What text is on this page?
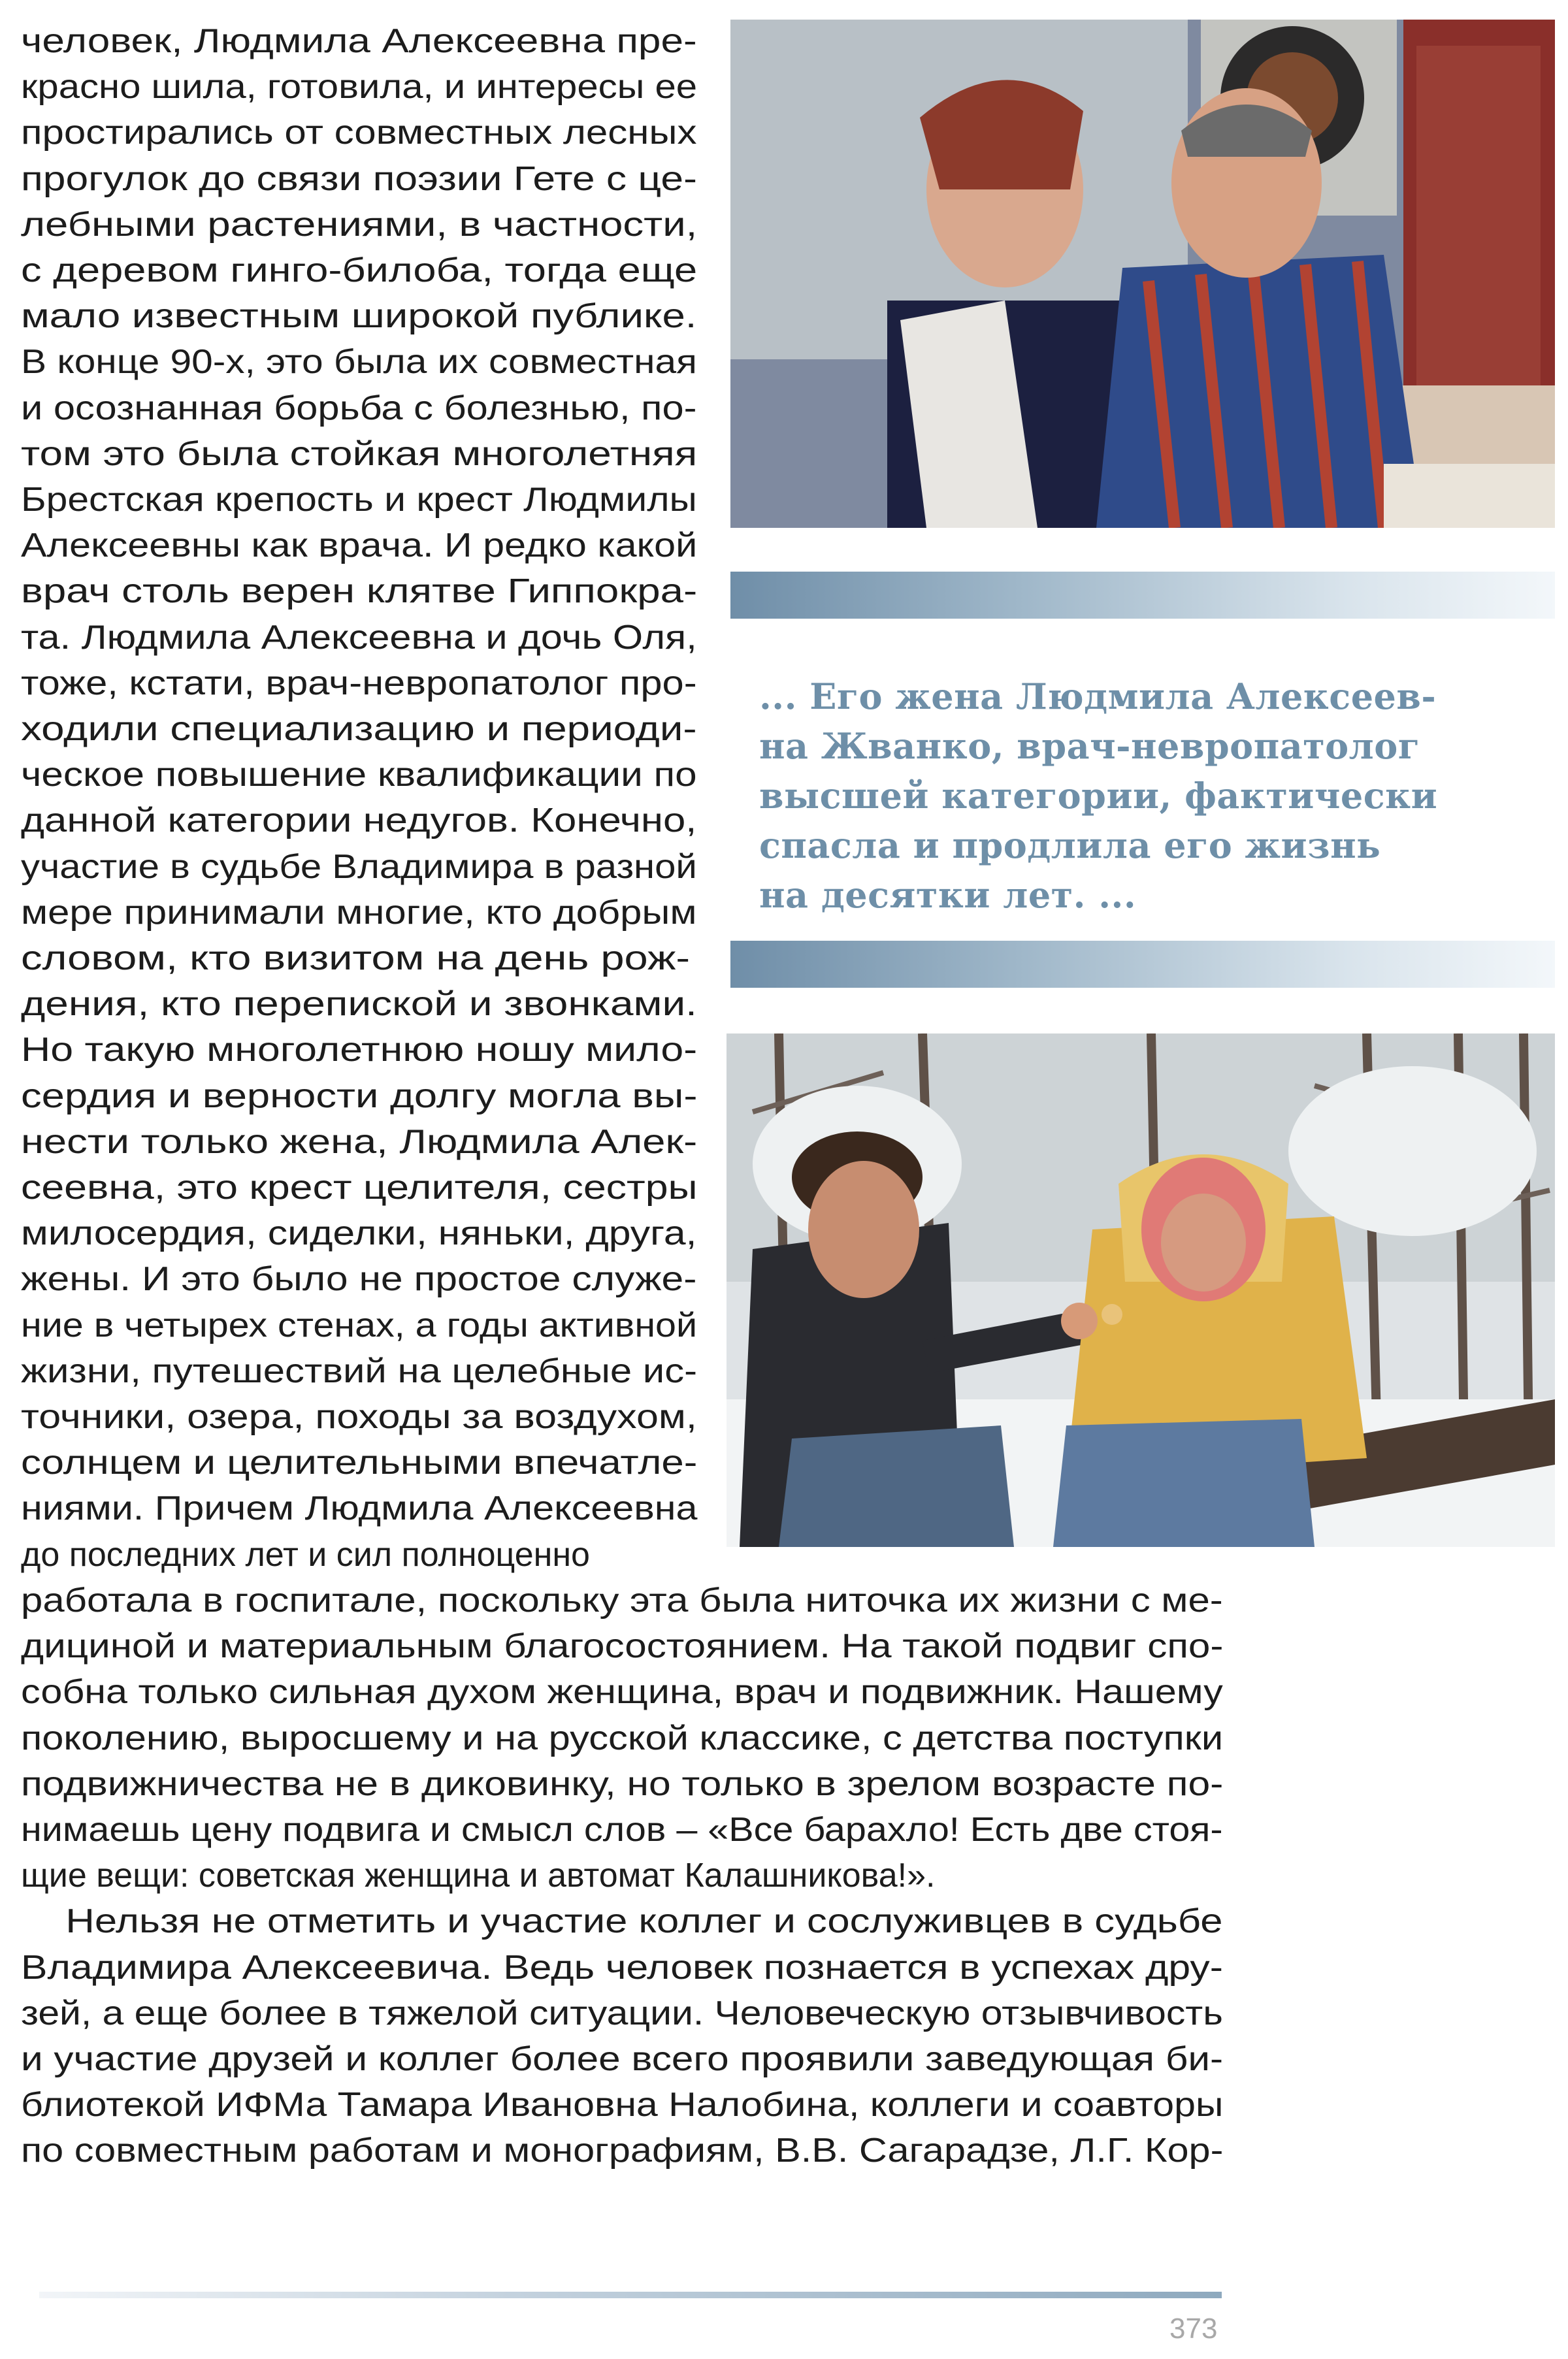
человек, Людмила Алексеевна пре-
красно шила, готовила, и интересы ее
простирались от совместных лесных
прогулок до связи поэзии Гете с це-
лебными растениями, в частности,
с деревом гинго-билоба, тогда еще
мало известным широкой публике.
В конце 90-х, это была их совместная
и осознанная борьба с болезнью, по-
том это была стойкая многолетняя
Брестская крепость и крест Людмилы
Алексеевны как врача. И редко какой
врач столь верен клятве Гиппокра-
та. Людмила Алексеевна и дочь Оля,
тоже, кстати, врач-невропатолог про-
ходили специализацию и периоди-
ческое повышение квалификации по
данной категории недугов. Конечно,
участие в судьбе Владимира в разной
мере принимали многие, кто добрым
словом, кто визитом на день рож-
дения, кто перепиской и звонками.
Но такую многолетнюю ношу мило-
сердия и верности долгу могла вы-
нести только жена, Людмила Алек-
сеевна, это крест целителя, сестры
милосердия, сиделки, няньки, друга,
жены. И это было не простое служе-
ние в четырех стенах, а годы активной
жизни, путешествий на целебные ис-
точники, озера, походы за воздухом,
солнцем и целительными впечатле-
ниями. Причем Людмила Алексеевна
до последних лет и сил полноценно
... Его жена Людмила Алексеев-
на Жванко, врач-невропатолог
высшей категории, фактически
спасла и продлила его жизнь
на десятки лет. ...
работала в госпитале, поскольку эта была ниточка их жизни с ме-
дициной и материальным благосостоянием. На такой подвиг спо-
собна только сильная духом женщина, врач и подвижник. Нашему
поколению, выросшему и на русской классике, с детства поступки
подвижничества не в диковинку, но только в зрелом возрасте по-
нимаешь цену подвига и смысл слов – «Все барахло! Есть две стоя-
щие вещи: советская женщина и автомат Калашникова!».
Нельзя не отметить и участие коллег и сослуживцев в судьбе
Владимира Алексеевича. Ведь человек познается в успехах дру-
зей, а еще более в тяжелой ситуации. Человеческую отзывчивость
и участие друзей и коллег более всего проявили заведующая би-
блиотекой ИФМа Тамара Ивановна Налобина, коллеги и соавторы
по совместным работам и монографиям, В.В. Сагарадзе, Л.Г. Кор-
373
